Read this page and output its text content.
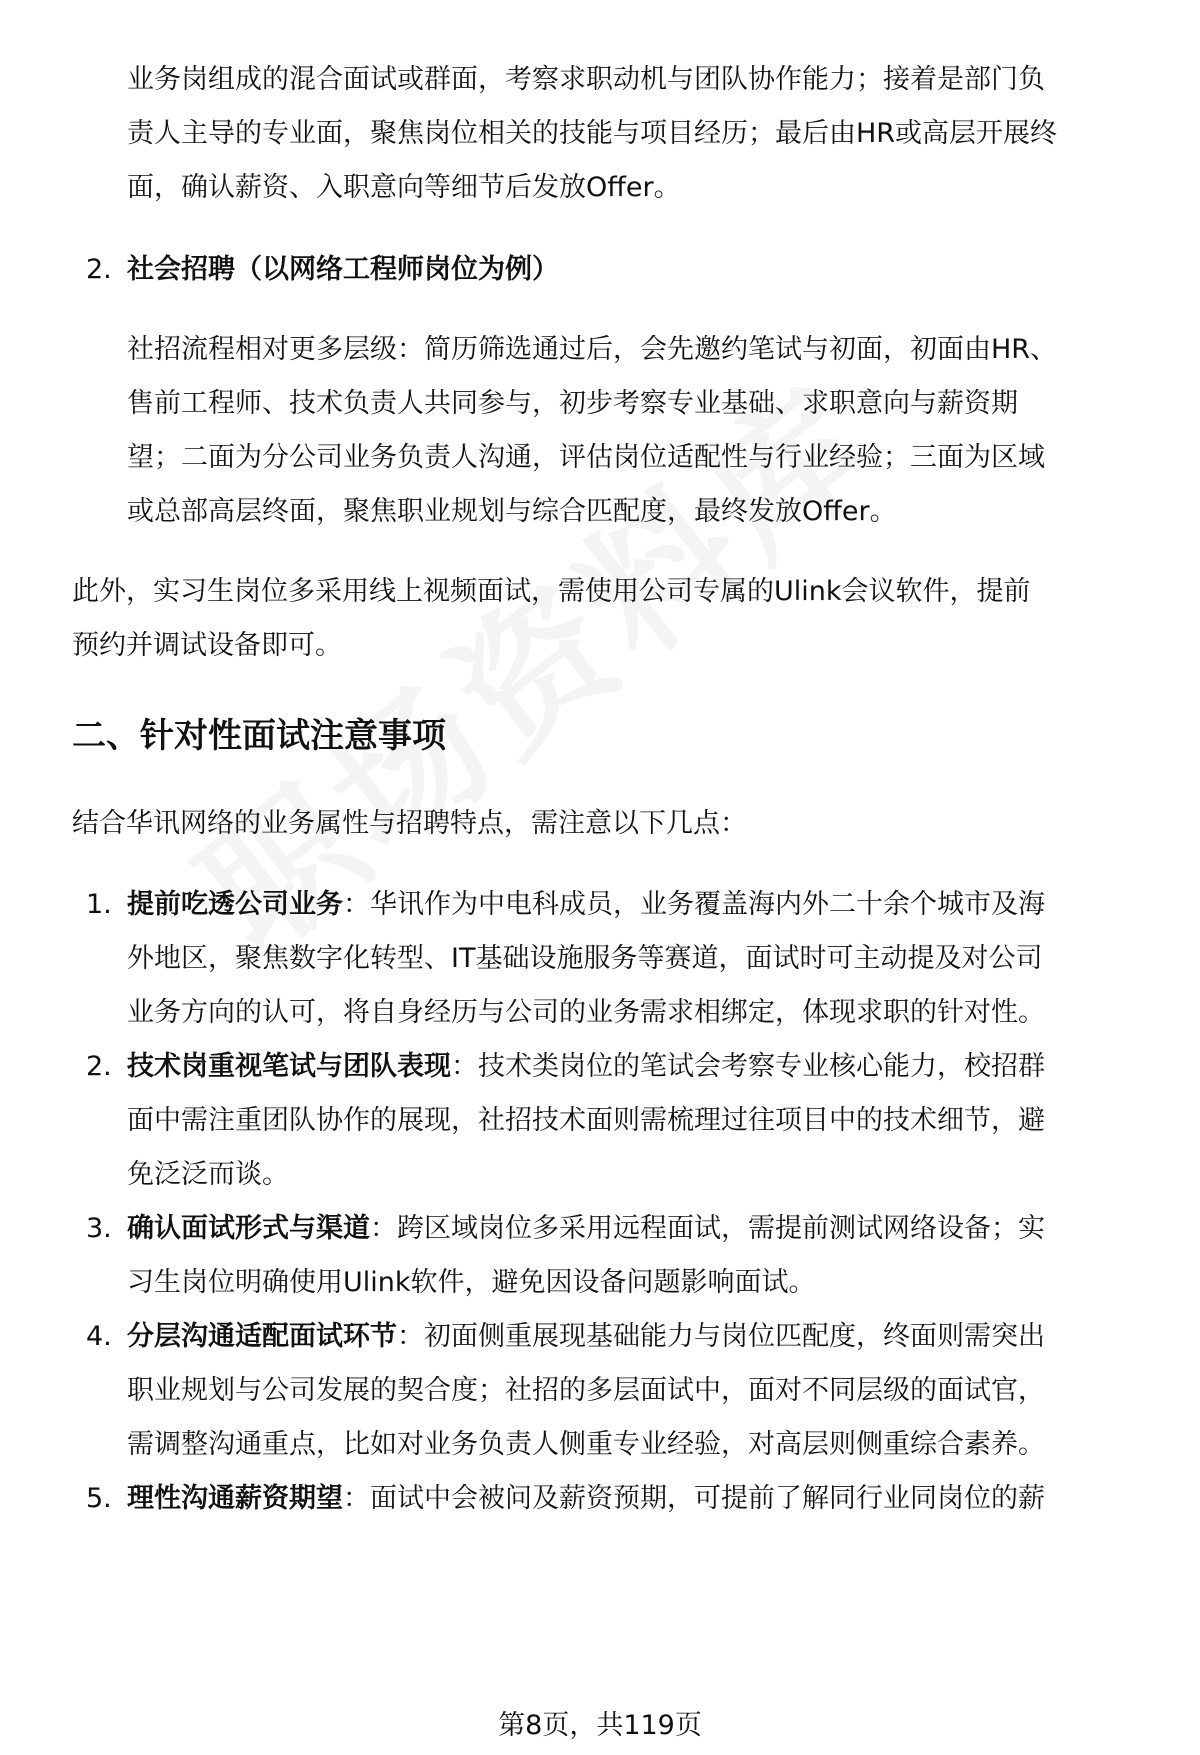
业务岗组成的混合面试或群面，考察求职动机与团队协作能力；接着是部门负
责人主导的专业面，聚焦岗位相关的技能与项目经历；最后由HR或高层开展终
面，确认薪资、入职意向等细节后发放Offer。
2. 社会招聘（以网络工程师岗位为例）
社招流程相对更多层级：简历筛选通过后，会先邀约笔试与初面，初面由HR、
售前工程师、技术负责人共同参与，初步考察专业基础、求职意向与薪资期
望；二面为分公司业务负责人沟通，评估岗位适配性与行业经验；三面为区域
或总部高层终面，聚焦职业规划与综合匹配度，最终发放Offer。
此外，实习生岗位多采用线上视频面试，需使用公司专属的Ulink会议软件，提前
预约并调试设备即可。
二、针对性面试注意事项
结合华讯网络的业务属性与招聘特点，需注意以下几点：
1. 提前吃透公司业务：华讯作为中电科成员，业务覆盖海内外二十余个城市及海
外地区，聚焦数字化转型、IT基础设施服务等赛道，面试时可主动提及对公司
业务方向的认可，将自身经历与公司的业务需求相绑定，体现求职的针对性。
2. 技术岗重视笔试与团队表现：技术类岗位的笔试会考察专业核心能力，校招群
面中需注重团队协作的展现，社招技术面则需梳理过往项目中的技术细节，避
免泛泛而谈。
3. 确认面试形式与渠道：跨区域岗位多采用远程面试，需提前测试网络设备；实
习生岗位明确使用Ulink软件，避免因设备问题影响面试。
4. 分层沟通适配面试环节：初面侧重展现基础能力与岗位匹配度，终面则需突出
职业规划与公司发展的契合度；社招的多层面试中，面对不同层级的面试官，
需调整沟通重点，比如对业务负责人侧重专业经验，对高层则侧重综合素养。
5. 理性沟通薪资期望：面试中会被问及薪资预期，可提前了解同行业同岗位的薪
第8页，共119页
